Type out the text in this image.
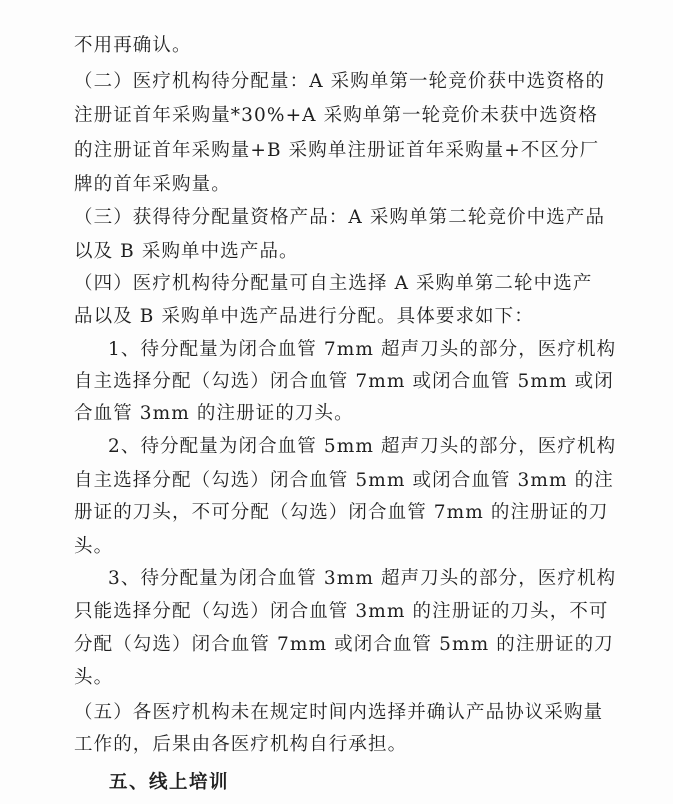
不用再确认。
（二）医疗机构待分配量：A 采购单第一轮竞价获中选资格的
注册证首年采购量*30%+A 采购单第一轮竞价未获中选资格
的注册证首年采购量+B 采购单注册证首年采购量+不区分厂
牌的首年采购量。
（三）获得待分配量资格产品：A 采购单第二轮竞价中选产品
以及 B 采购单中选产品。
（四）医疗机构待分配量可自主选择 A 采购单第二轮中选产
品以及 B 采购单中选产品进行分配。具体要求如下：
1、待分配量为闭合血管 7mm 超声刀头的部分，医疗机构
自主选择分配（勾选）闭合血管 7mm 或闭合血管 5mm 或闭
合血管 3mm 的注册证的刀头。
2、待分配量为闭合血管 5mm 超声刀头的部分，医疗机构
自主选择分配（勾选）闭合血管 5mm 或闭合血管 3mm 的注
册证的刀头，不可分配（勾选）闭合血管 7mm 的注册证的刀
头。
3、待分配量为闭合血管 3mm 超声刀头的部分，医疗机构
只能选择分配（勾选）闭合血管 3mm 的注册证的刀头，不可
分配（勾选）闭合血管 7mm 或闭合血管 5mm 的注册证的刀
头。
（五）各医疗机构未在规定时间内选择并确认产品协议采购量
工作的，后果由各医疗机构自行承担。
五、线上培训
